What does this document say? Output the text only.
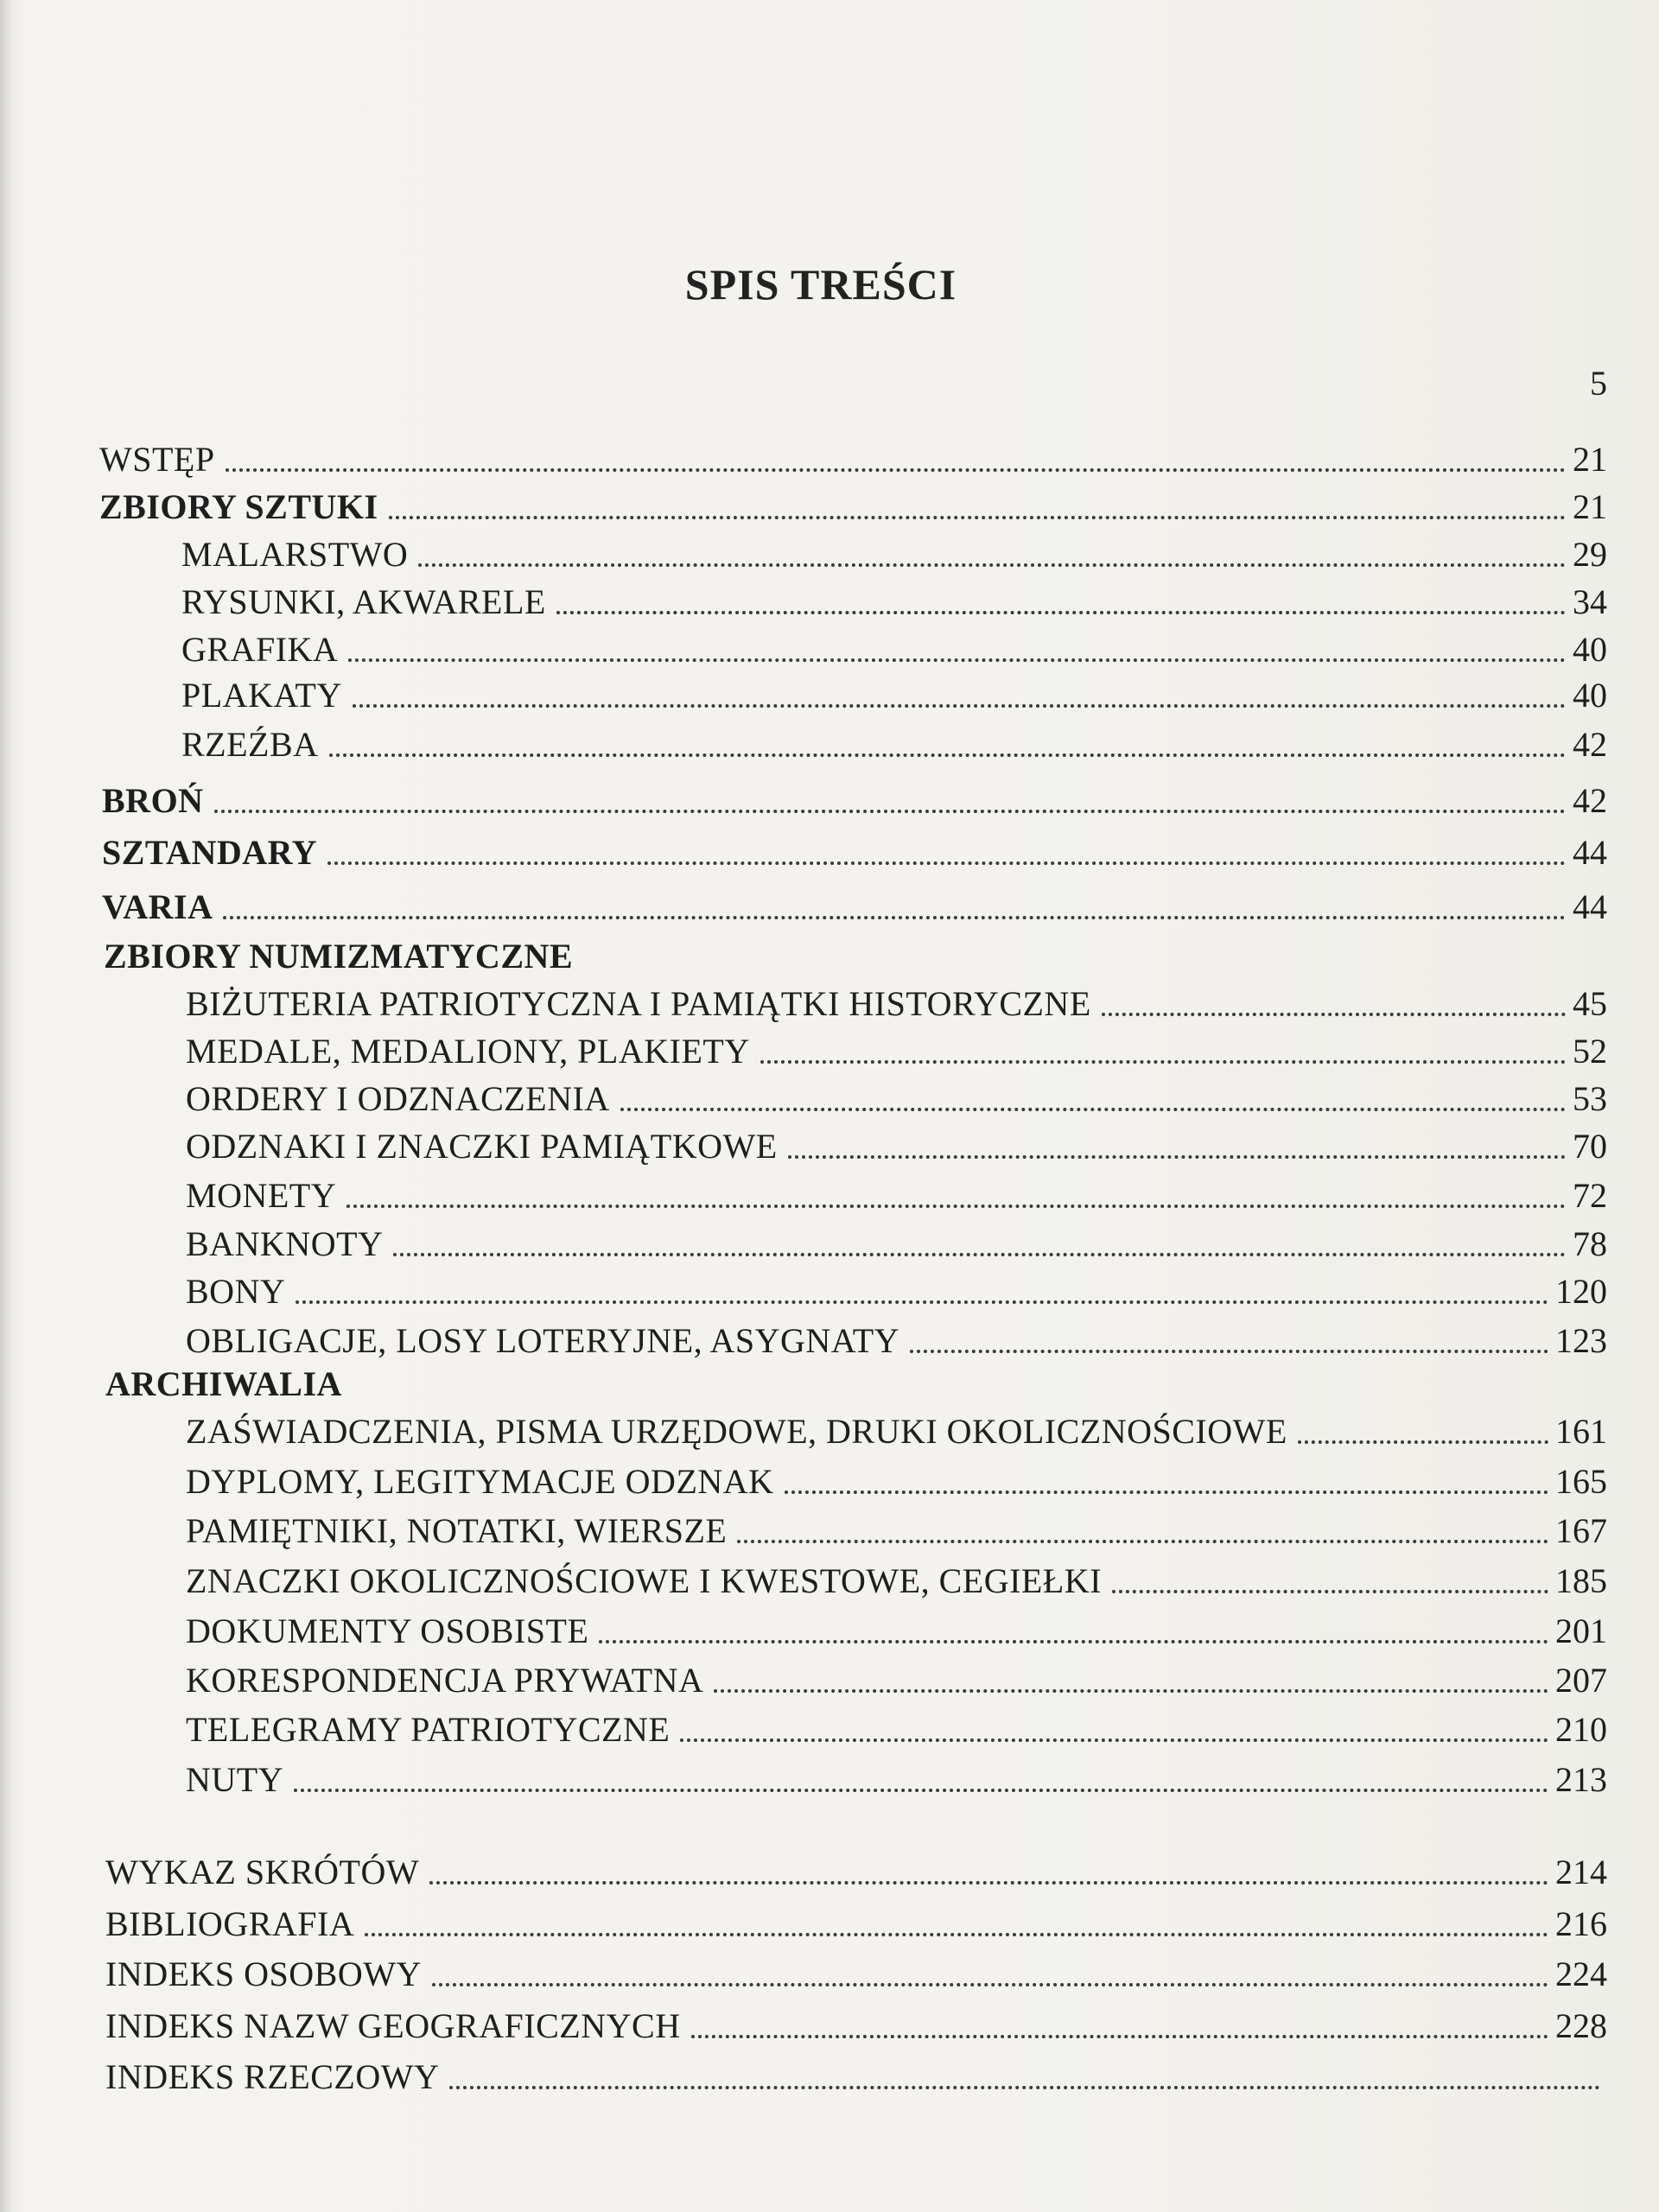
SPIS TREŚCI
5
WSTĘP	21
ZBIORY SZTUKI	21
MALARSTWO	29
RYSUNKI, AKWARELE	34
GRAFIKA	40
PLAKATY	40
RZEŹBA	42
BROŃ	42
SZTANDARY	44
VARIA	44
ZBIORY NUMIZMATYCZNE
BIŻUTERIA PATRIOTYCZNA I PAMIĄTKI HISTORYCZNE	45
MEDALE, MEDALIONY, PLAKIETY	52
ORDERY I ODZNACZENIA	53
ODZNAKI I ZNACZKI PAMIĄTKOWE	70
MONETY	72
BANKNOTY	78
BONY	120
OBLIGACJE, LOSY LOTERYJNE, ASYGNATY	123
ARCHIWALIA
ZAŚWIADCZENIA, PISMA URZĘDOWE, DRUKI OKOLICZNOŚCIOWE	161
DYPLOMY, LEGITYMACJE ODZNAK	165
PAMIĘTNIKI, NOTATKI, WIERSZE	167
ZNACZKI OKOLICZNOŚCIOWE I KWESTOWE, CEGIEŁKI	185
DOKUMENTY OSOBISTE	201
KORESPONDENCJA PRYWATNA	207
TELEGRAMY PATRIOTYCZNE	210
NUTY	213
WYKAZ SKRÓTÓW	214
BIBLIOGRAFIA	216
INDEKS OSOBOWY	224
INDEKS NAZW GEOGRAFICZNYCH	228
INDEKS RZECZOWY
